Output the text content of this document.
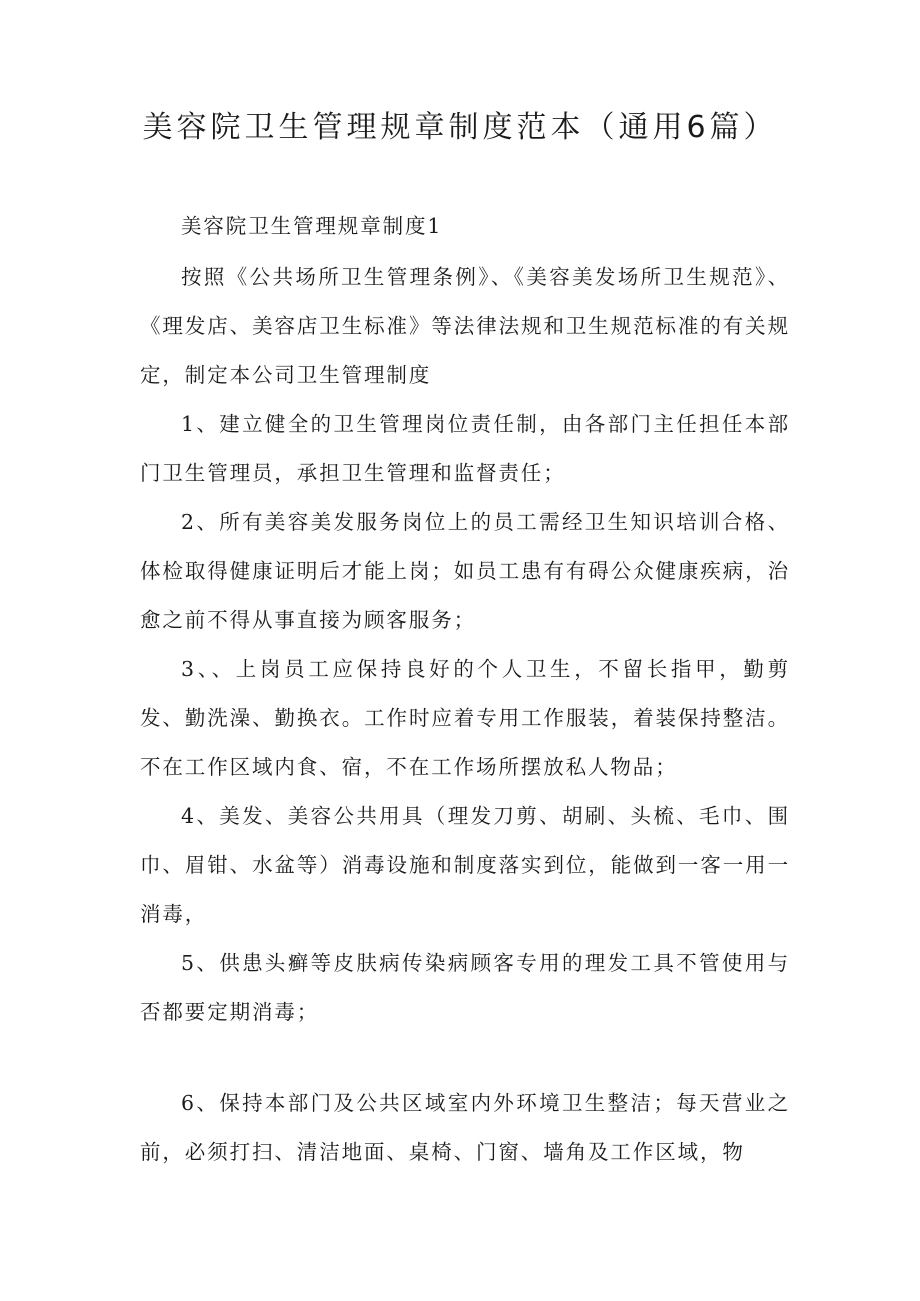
美容院卫生管理规章制度范本（通用6篇）

美容院卫生管理规章制度1

按照《公共场所卫生管理条例》、《美容美发场所卫生规范》、《理发店、美容店卫生标准》等法律法规和卫生规范标准的有关规定，制定本公司卫生管理制度

1、建立健全的卫生管理岗位责任制，由各部门主任担任本部门卫生管理员，承担卫生管理和监督责任；

2、所有美容美发服务岗位上的员工需经卫生知识培训合格、体检取得健康证明后才能上岗；如员工患有有碍公众健康疾病，治愈之前不得从事直接为顾客服务；

3、、上岗员工应保持良好的个人卫生，不留长指甲，勤剪发、勤洗澡、勤换衣。工作时应着专用工作服装，着装保持整洁。不在工作区域内食、宿，不在工作场所摆放私人物品；

4、美发、美容公共用具（理发刀剪、胡刷、头梳、毛巾、围巾、眉钳、水盆等）消毒设施和制度落实到位，能做到一客一用一消毒，

5、供患头癣等皮肤病传染病顾客专用的理发工具不管使用与否都要定期消毒；

6、保持本部门及公共区域室内外环境卫生整洁；每天营业之前，必须打扫、清洁地面、桌椅、门窗、墙角及工作区域，物
